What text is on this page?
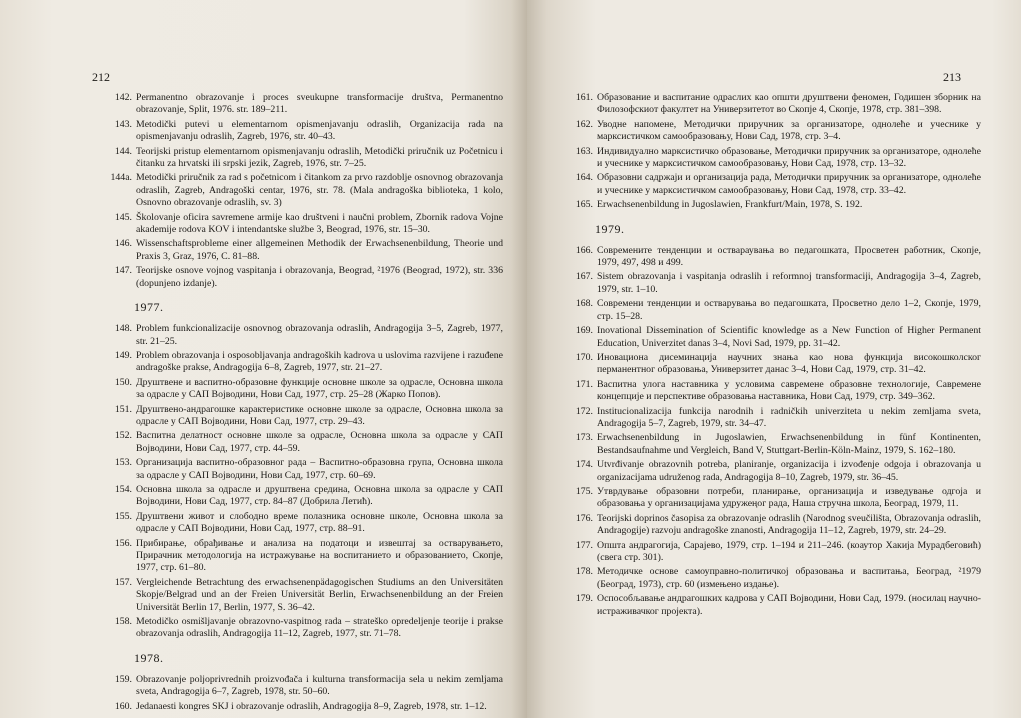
212
142. Permanentno obrazovanje i proces sveukupne transformacije društva, Permanentno obrazovanje, Split, 1976. str. 189–211.
143. Metodički putevi u elementarnom opismenjavanju odraslih, Organizacija rada na opismenjavanju odraslih, Zagreb, 1976, str. 40–43.
144. Teorijski pristup elementarnom opismenjavanju odraslih, Metodički priručnik uz Početnicu i čitanku za hrvatski ili srpski jezik, Zagreb, 1976, str. 7–25.
144a. Metodički priručnik za rad s početnicom i čitankom za prvo razdoblje osnovnog obrazovanja odraslih, Zagreb, Andragoški centar, 1976, str. 78. (Mala andragoška biblioteka, 1 kolo, Osnovno obrazovanje odraslih, sv. 3)
145. Školovanje oficira savremene armije kao društveni i naučni problem, Zbornik radova Vojne akademije rodova KOV i intendantske službe 3, Beograd, 1976, str. 15–30.
146. Wissenschaftsprobleme einer allgemeinen Methodik der Erwachsenenbildung, Theorie und Praxis 3, Graz, 1976, C. 81–88.
147. Teorijske osnove vojnog vaspitanja i obrazovanja, Beograd, ²1976 (Beograd, 1972), str. 336 (dopunjeno izdanje).
1977.
148. Problem funkcionalizacije osnovnog obrazovanja odraslih, Andragogija 3–5, Zagreb, 1977, str. 21–25.
149. Problem obrazovanja i osposobljavanja andragoških kadrova u uslovima razvijene i razuđene andragoške prakse, Andragogija 6–8, Zagreb, 1977, str. 21–27.
150. Друштвене и васпитно-образовне функције основне школе за одрасле, Основна школа за одрасле у САП Војводини, Нови Сад, 1977, стр. 25–28 (Жарко Попов).
151. Друштвено-андрагошке карактеристике основне школе за одрасле, Основна школа за одрасле у САП Војводини, Нови Сад, 1977, стр. 29–43.
152. Васпитна делатност основне школе за одрасле, Основна школа за одрасле у САП Војводини, Нови Сад, 1977, стр. 44–59.
153. Организација васпитно-образовног рада – Васпитно-образовна група, Основна школа за одрасле у САП Војводини, Нови Сад, 1977, стр. 60–69.
154. Основна школа за одрасле и друштвена средина, Основна школа за одрасле у САП Војводини, Нови Сад, 1977, стр. 84–87 (Добрила Летић).
155. Друштвени живот и слободно време полазника основне школе, Основна школа за одрасле у САП Војводини, Нови Сад, 1977, стр. 88–91.
156. Прибирање, обрађивање и анализа на податоци и извештај за остварувањето, Прирачник методологија на истражување на воспитанието и образованието, Скопје, 1977, стр. 61–80.
157. Vergleichende Betrachtung des erwachsenenpädagogischen Studiums an den Universitäten Skopje/Belgrad und an der Freien Universität Berlin, Erwachsenenbildung an der Freien Universität Berlin 17, Berlin, 1977, S. 36–42.
158. Metodičko osmišljavanje obrazovno-vaspitnog rada – strateško opredeljenje teorije i prakse obrazovanja odraslih, Andragogija 11–12, Zagreb, 1977, str. 71–78.
1978.
159. Obrazovanje poljoprivrednih proizvođača i kulturna transformacija sela u nekim zemljama sveta, Andragogija 6–7, Zagreb, 1978, str. 50–60.
160. Jedanaesti kongres SKJ i obrazovanje odraslih, Andragogija 8–9, Zagreb, 1978, str. 1–12.
213
161. Образование и васпитание одраслих као општи друштвени феномен, Годишен зборник на Филозофскиот факултет на Универзитетот во Скопје 4, Скопје, 1978, стр. 381–398.
162. Уводне напомене, Методички приручник за организаторе, однолеће и учеснике у марксистичком самообразовању, Нови Сад, 1978, стр. 3–4.
163. Индивидуално марксистичко образовање, Методички приручник за организаторе, однолеће и учеснике у марксистичком самообразовању, Нови Сад, 1978, стр. 13–32.
164. Образовни садржаји и организација рада, Методички приручник за организаторе, однолеће и учеснике у марксистичком самообразовању, Нови Сад, 1978, стр. 33–42.
165. Erwachsenenbildung in Jugoslawien, Frankfurt/Main, 1978, S. 192.
1979.
166. Современите тенденции и оствараувања во педагошката, Просветен работник, Скопје, 1979, 497, 498 и 499.
167. Sistem obrazovanja i vaspitanja odraslih i reformnoj transformaciji, Andragogija 3–4, Zagreb, 1979, str. 1–10.
168. Современи тенденции и остварувања во педагошката, Просветно дело 1–2, Скопје, 1979, стр. 15–28.
169. Inovational Dissemination of Scientific knowledge as a New Function of Higher Permanent Education, Univerzitet danas 3–4, Novi Sad, 1979, pp. 31–42.
170. Иновациона дисеминација научних знања као нова функција високошколског перманентног образовања, Универзитет данас 3–4, Нови Сад, 1979, стр. 31–42.
171. Васпитна улога наставника у условима савремене образовне технологије, Савремене концепције и перспективе образовања наставника, Нови Сад, 1979, стр. 349–362.
172. Institucionalizacija funkcija narodnih i radničkih univerziteta u nekim zemljama sveta, Andragogija 5–7, Zagreb, 1979, str. 34–47.
173. Erwachsenenbildung in Jugoslawien, Erwachsenenbildung in fünf Kontinenten, Bestandsaufnahme und Vergleich, Band V, Stuttgart-Berlin-Köln-Mainz, 1979, S. 162–180.
174. Utvrđivanje obrazovnih potreba, planiranje, organizacija i izvođenje odgoja i obrazovanja u organizacijama udruženog rada, Andragogija 8–10, Zagreb, 1979, str. 36–45.
175. Утврдување образовни потреби, планирање, организација и изведување одгоја и образовања у организацијама удружеңог рада, Наша стручна школа, Београд, 1979, 11.
176. Teorijski doprinos časopisa za obrazovanje odraslih (Narodnog sveučilišta, Obrazovanja odraslih, Andragogije) razvoju andragoške znanosti, Andragogija 11–12, Zagreb, 1979, str. 24–29.
177. Општа андрагогија, Сарајево, 1979, стр. 1–194 и 211–246. (коаутор Хакија Мурадбеговић) (свега стр. 301).
178. Методичке основе самоуправно-политичкој образовања и васпитања, Београд, ²1979 (Београд, 1973), стр. 60 (измењено издање).
179. Оспособљавање андрагошких кадрова у САП Војводини, Нови Сад, 1979. (носилац научно-истраживачког пројекта).
